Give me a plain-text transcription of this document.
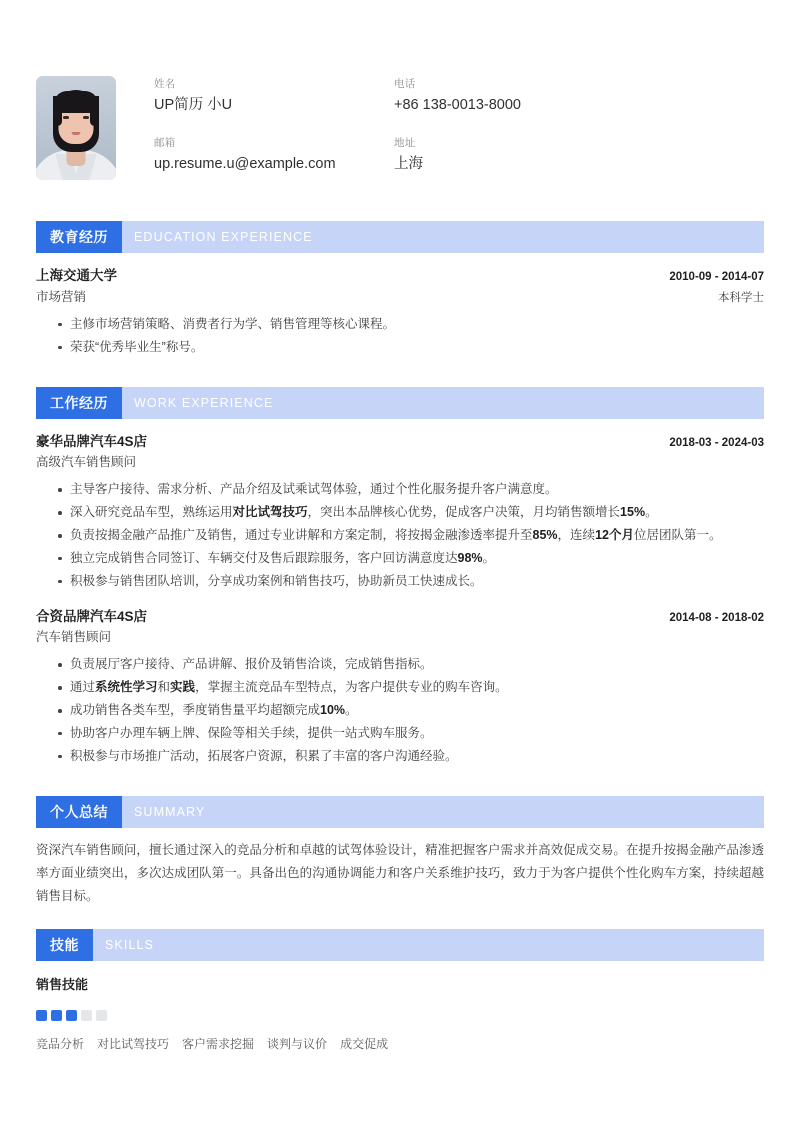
姓名
UP简历 小U
电话
+86 138-0013-8000
邮箱
up.resume.u@example.com
地址
上海
教育经历	EDUCATION EXPERIENCE
上海交通大学	2010-09 - 2014-07
市场营销	本科学士
主修市场营销策略、消费者行为学、销售管理等核心课程。
荣获“优秀毕业生”称号。
工作经历	WORK EXPERIENCE
豪华品牌汽车4S店	2018-03 - 2024-03
高级汽车销售顾问
主导客户接待、需求分析、产品介绍及试乘试驾体验，通过个性化服务提升客户满意度。
深入研究竞品车型，熟练运用对比试驾技巧，突出本品牌核心优势，促成客户决策，月均销售额增长15%。
负责按揭金融产品推广及销售，通过专业讲解和方案定制，将按揭金融渗透率提升至85%，连续12个月位居团队第一。
独立完成销售合同签订、车辆交付及售后跟踪服务，客户回访满意度达98%。
积极参与销售团队培训，分享成功案例和销售技巧，协助新员工快速成长。
合资品牌汽车4S店	2014-08 - 2018-02
汽车销售顾问
负责展厅客户接待、产品讲解、报价及销售洽谈，完成销售指标。
通过系统性学习和实践，掌握主流竞品车型特点，为客户提供专业的购车咨询。
成功销售各类车型，季度销售量平均超额完成10%。
协助客户办理车辆上牌、保险等相关手续，提供一站式购车服务。
积极参与市场推广活动，拓展客户资源，积累了丰富的客户沟通经验。
个人总结	SUMMARY
资深汽车销售顾问，擅长通过深入的竞品分析和卓越的试驾体验设计，精准把握客户需求并高效促成交易。在提升按揭金融产品渗透率方面业绩突出，多次达成团队第一。具备出色的沟通协调能力和客户关系维护技巧，致力于为客户提供个性化购车方案，持续超越销售目标。
技能	SKILLS
销售技能
竞品分析 对比试驾技巧 客户需求挖掘 谈判与议价 成交促成
